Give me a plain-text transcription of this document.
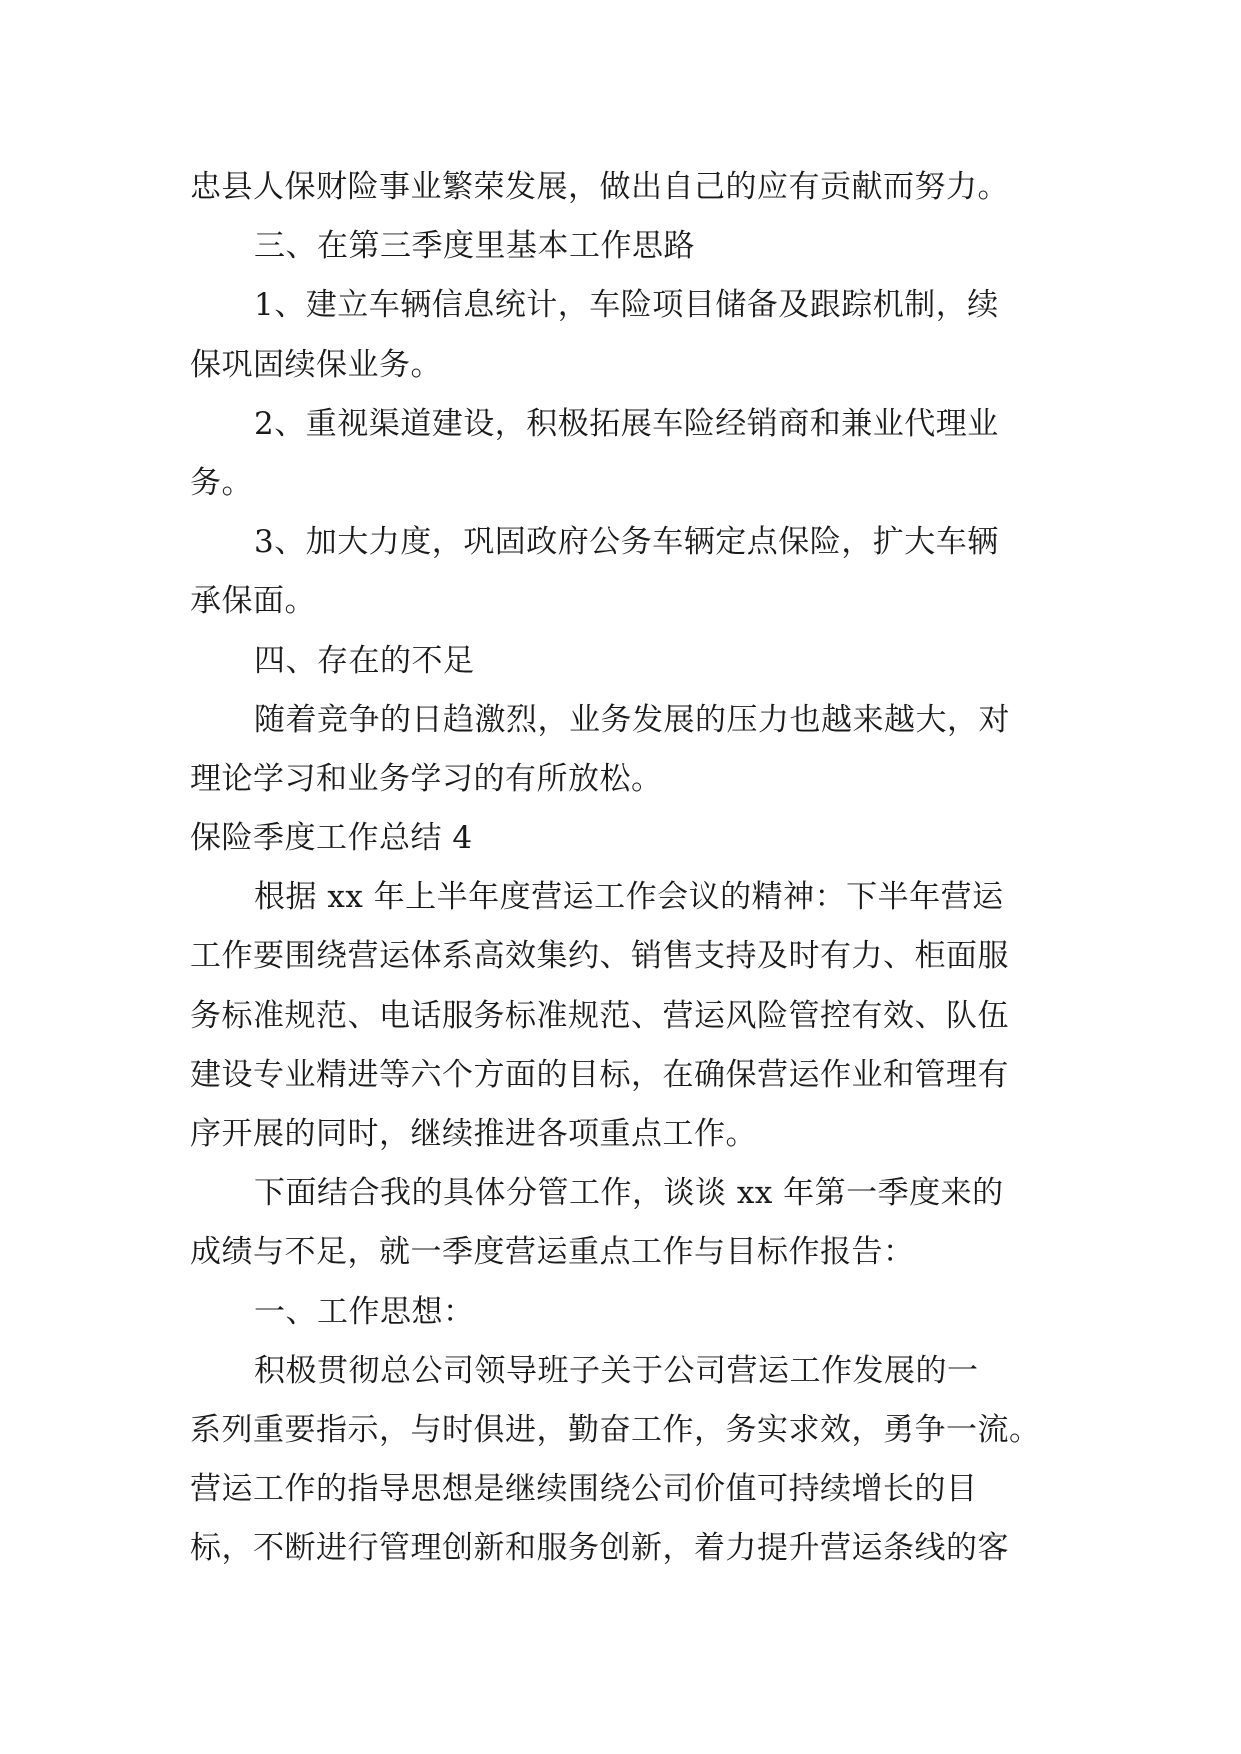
忠县人保财险事业繁荣发展，做出自己的应有贡献而努力。
三、在第三季度里基本工作思路
1、建立车辆信息统计，车险项目储备及跟踪机制，续
保巩固续保业务。
2、重视渠道建设，积极拓展车险经销商和兼业代理业
务。
3、加大力度，巩固政府公务车辆定点保险，扩大车辆
承保面。
四、存在的不足
随着竞争的日趋激烈，业务发展的压力也越来越大，对
理论学习和业务学习的有所放松。
保险季度工作总结 4
根据 xx 年上半年度营运工作会议的精神：下半年营运
工作要围绕营运体系高效集约、销售支持及时有力、柜面服
务标准规范、电话服务标准规范、营运风险管控有效、队伍
建设专业精进等六个方面的目标，在确保营运作业和管理有
序开展的同时，继续推进各项重点工作。
下面结合我的具体分管工作，谈谈 xx 年第一季度来的
成绩与不足，就一季度营运重点工作与目标作报告：
一、工作思想：
积极贯彻总公司领导班子关于公司营运工作发展的一
系列重要指示，与时俱进，勤奋工作，务实求效，勇争一流。
营运工作的指导思想是继续围绕公司价值可持续增长的目
标，不断进行管理创新和服务创新，着力提升营运条线的客
